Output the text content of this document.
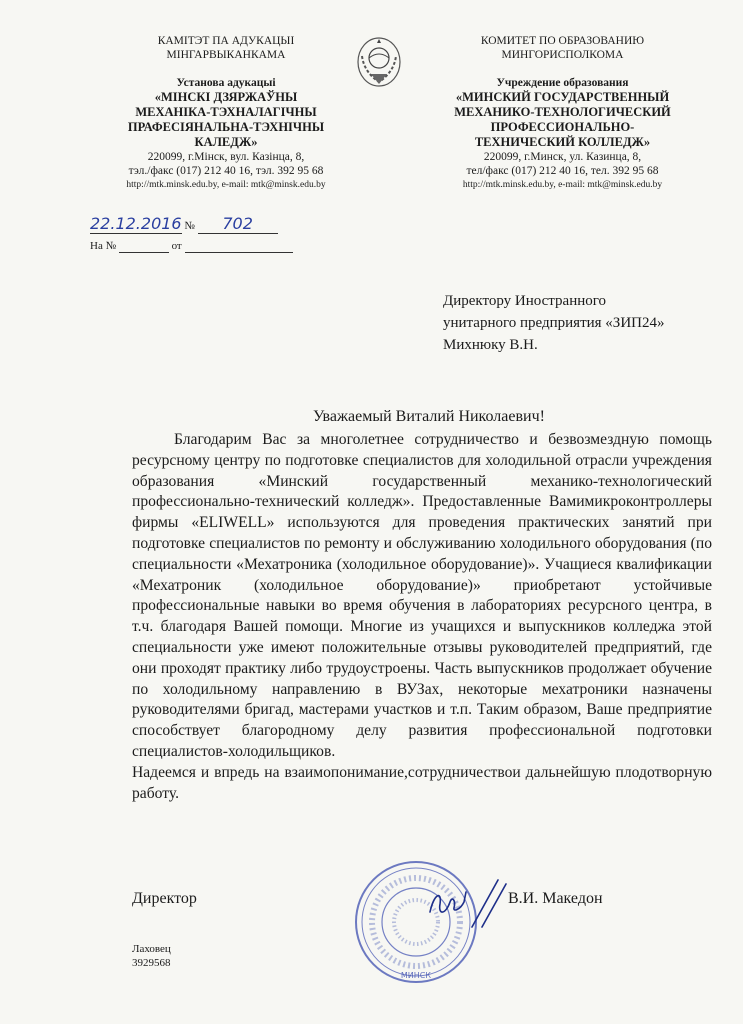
КАМІТЭТ ПА АДУКАЦЫІ
МІНГАРВЫКАНКАМА
Установа адукацыі
«МІНСКІ ДЗЯРЖАЎНЫ
МЕХАНІКА-ТЭХНАЛАГІЧНЫ
ПРАФЕСІЯНАЛЬНА-ТЭХНІЧНЫ
КАЛЕДЖ»
220099, г.Мінск, вул. Казінца, 8,
тэл./факс (017) 212 40 16, тэл. 392 95 68
http://mtk.minsk.edu.by, e-mail: mtk@minsk.edu.by
КОМИТЕТ ПО ОБРАЗОВАНИЮ
МИНГОРИСПОЛКОМА
Учреждение образования
«МИНСКИЙ ГОСУДАРСТВЕННЫЙ
МЕХАНИКО-ТЕХНОЛОГИЧЕСКИЙ
ПРОФЕССИОНАЛЬНО-
ТЕХНИЧЕСКИЙ КОЛЛЕДЖ»
220099, г.Минск, ул. Казинца, 8,
тел/факс (017) 212 40 16, тел. 392 95 68
http://mtk.minsk.edu.by, e-mail: mtk@minsk.edu.by
22.12.2016 № 702
На №	от
Директору Иностранного
унитарного предприятия «ЗИП24»
Михнюку В.Н.
Уважаемый Виталий Николаевич!

Благодарим Вас за многолетнее сотрудничество и безвозмездную помощь ресурсному центру по подготовке специалистов для холодильной отрасли учреждения образования «Минский государственный механико-технологический профессионально-технический колледж». Предоставленные Вамимикроконтроллеры фирмы «ELIWELL» используются для проведения практических занятий при подготовке специалистов по ремонту и обслуживанию холодильного оборудования (по специальности «Мехатроника (холодильное оборудование)». Учащиеся квалификации «Мехатроник (холодильное оборудование)» приобретают устойчивые профессиональные навыки во время обучения в лабораториях ресурсного центра, в т.ч. благодаря Вашей помощи. Многие из учащихся и выпускников колледжа этой специальности уже имеют положительные отзывы руководителей предприятий, где они проходят практику либо трудоустроены. Часть выпускников продолжает обучение по холодильному направлению в ВУЗах, некоторые мехатроники назначены руководителями бригад, мастерами участков и т.п. Таким образом, Ваше предприятие способствует благородному делу развития профессиональной подготовки специалистов-холодильщиков.

Надеемся и впредь на взаимопонимание,сотрудничествои дальнейшую плодотворную работу.

МИНСК
Директор	В.И. Македон
Лаховец
3929568
